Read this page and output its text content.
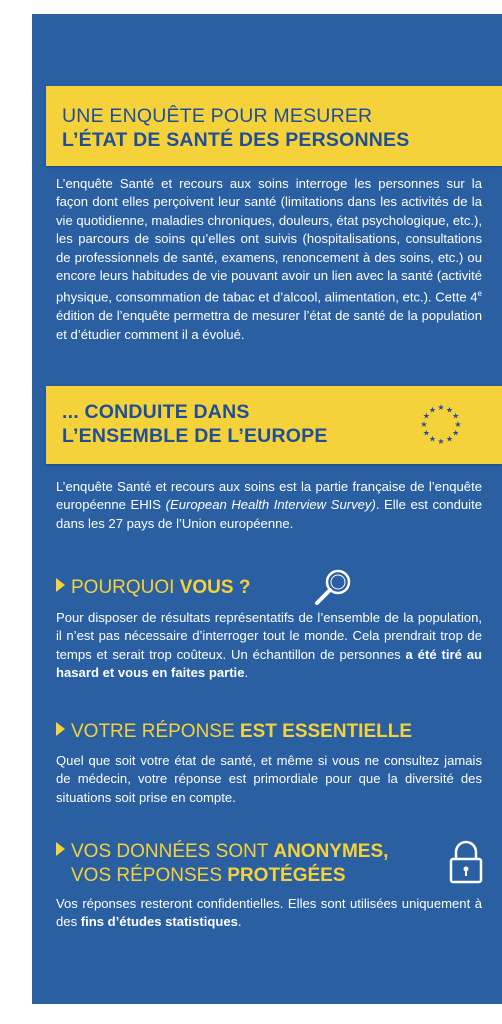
UNE ENQUÊTE POUR MESURER
L’ÉTAT DE SANTÉ DES PERSONNES
L’enquête Santé et recours aux soins interroge les personnes sur la façon dont elles perçoivent leur santé (limitations dans les activités de la vie quotidienne, maladies chroniques, douleurs, état psychologique, etc.), les parcours de soins qu’elles ont suivis (hospitalisations, consultations de professionnels de santé, examens, renoncement à des soins, etc.) ou encore leurs habitudes de vie pouvant avoir un lien avec la santé (activité physique, consommation de tabac et d’alcool, alimentation, etc.). Cette 4e édition de l’enquête permettra de mesurer l’état de santé de la population et d’étudier comment il a évolué.
... CONDUITE DANS
L’ENSEMBLE DE L’EUROPE
★ ★
★
★
★
★
★
★
★
★
★
★
L’enquête Santé et recours aux soins est la partie française de l’enquête européenne EHIS (European Health Interview Survey). Elle est conduite dans les 27 pays de l’Union européenne.
POURQUOI VOUS ?
Pour disposer de résultats représentatifs de l’ensemble de la population, il n’est pas nécessaire d’interroger tout le monde. Cela prendrait trop de temps et serait trop coûteux. Un échantillon de personnes a été tiré au hasard et vous en faites partie.
VOTRE RÉPONSE EST ESSENTIELLE
Quel que soit votre état de santé, et même si vous ne consultez jamais de médecin, votre réponse est primordiale pour que la diversité des situations soit prise en compte.
VOS DONNÉES SONT ANONYMES,
VOS RÉPONSES PROTÉGÉES
Vos réponses resteront confidentielles. Elles sont utilisées uniquement à des fins d’études statistiques.
